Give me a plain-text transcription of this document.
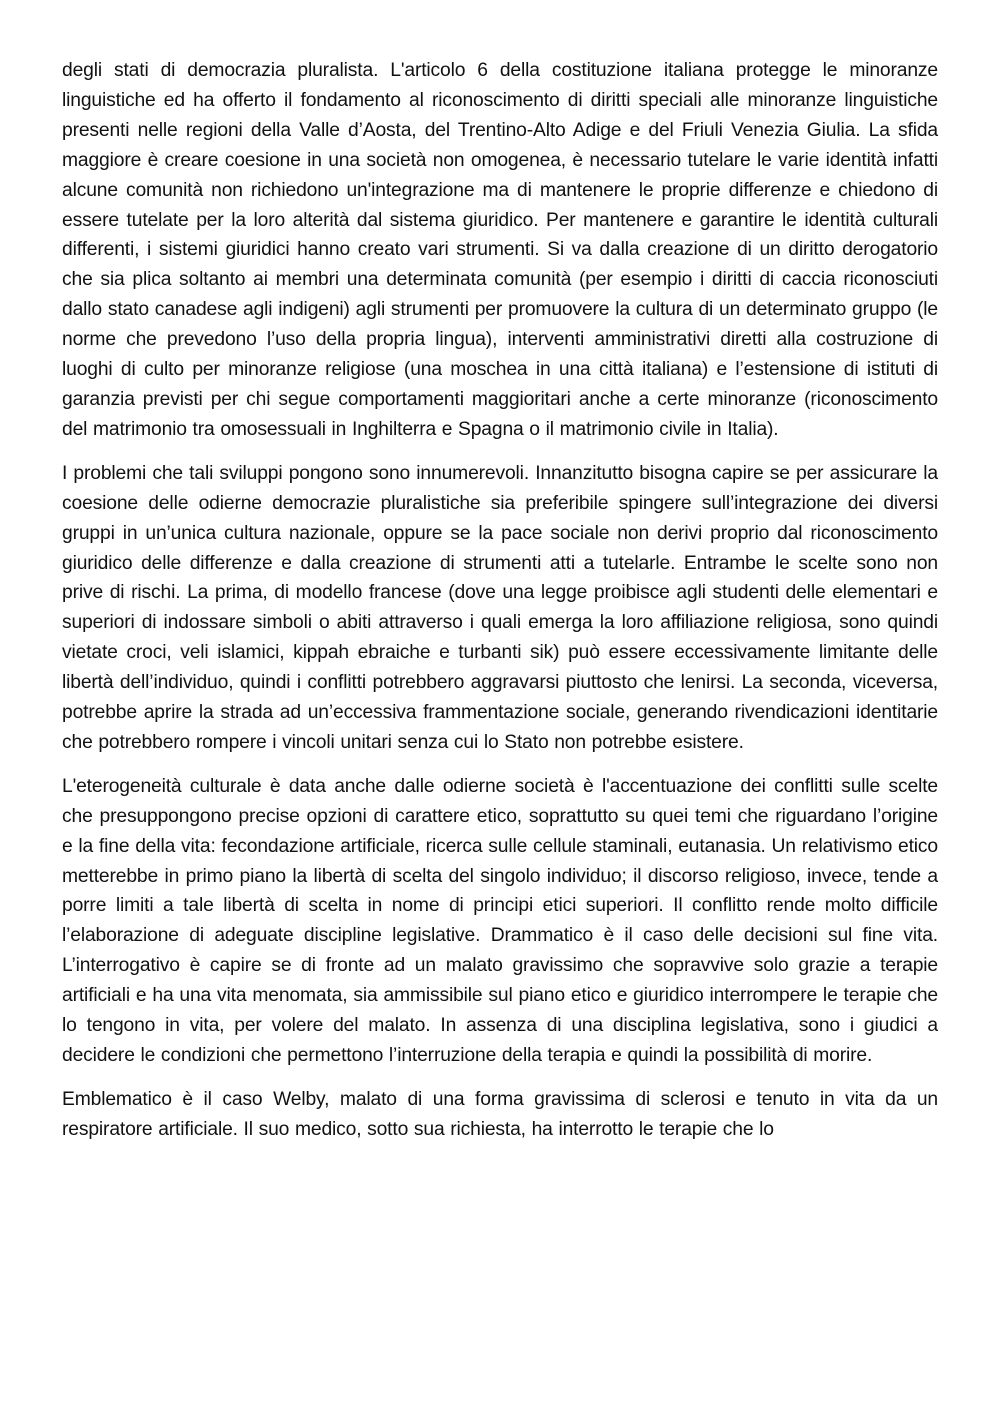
degli stati di democrazia pluralista. L'articolo 6 della costituzione italiana protegge le minoranze linguistiche ed ha offerto il fondamento al riconoscimento di diritti speciali alle minoranze linguistiche presenti nelle regioni della Valle d’Aosta, del Trentino-Alto Adige e del Friuli Venezia Giulia. La sfida maggiore è creare coesione in una società non omogenea, è necessario tutelare le varie identità infatti alcune comunità non richiedono un'integrazione ma di mantenere le proprie differenze e chiedono di essere tutelate per la loro alterità dal sistema giuridico. Per mantenere e garantire le identità culturali differenti, i sistemi giuridici hanno creato vari strumenti. Si va dalla creazione di un diritto derogatorio che sia plica soltanto ai membri una determinata comunità (per esempio i diritti di caccia riconosciuti dallo stato canadese agli indigeni) agli strumenti per promuovere la cultura di un determinato gruppo (le norme che prevedono l’uso della propria lingua), interventi amministrativi diretti alla costruzione di luoghi di culto per minoranze religiose (una moschea in una città italiana) e l’estensione di istituti di garanzia previsti per chi segue comportamenti maggioritari anche a certe minoranze (riconoscimento del matrimonio tra omosessuali in Inghilterra e Spagna o il matrimonio civile in Italia).

I problemi che tali sviluppi pongono sono innumerevoli. Innanzitutto bisogna capire se per assicurare la coesione delle odierne democrazie pluralistiche sia preferibile spingere sull’integrazione dei diversi gruppi in un’unica cultura nazionale, oppure se la pace sociale non derivi proprio dal riconoscimento giuridico delle differenze e dalla creazione di strumenti atti a tutelarle. Entrambe le scelte sono non prive di rischi. La prima, di modello francese (dove una legge proibisce agli studenti delle elementari e superiori di indossare simboli o abiti attraverso i quali emerga la loro affiliazione religiosa, sono quindi vietate croci, veli islamici, kippah ebraiche e turbanti sik) può essere eccessivamente limitante delle libertà dell’individuo, quindi i conflitti potrebbero aggravarsi piuttosto che lenirsi. La seconda, viceversa, potrebbe aprire la strada ad un’eccessiva frammentazione sociale, generando rivendicazioni identitarie che potrebbero rompere i vincoli unitari senza cui lo Stato non potrebbe esistere.

L'eterogeneità culturale è data anche dalle odierne società è l'accentuazione dei conflitti sulle scelte che presuppongono precise opzioni di carattere etico, soprattutto su quei temi che riguardano l’origine e la fine della vita: fecondazione artificiale, ricerca sulle cellule staminali, eutanasia. Un relativismo etico metterebbe in primo piano la libertà di scelta del singolo individuo; il discorso religioso, invece, tende a porre limiti a tale libertà di scelta in nome di principi etici superiori. Il conflitto rende molto difficile l’elaborazione di adeguate discipline legislative. Drammatico è il caso delle decisioni sul fine vita. L’interrogativo è capire se di fronte ad un malato gravissimo che sopravvive solo grazie a terapie artificiali e ha una vita menomata, sia ammissibile sul piano etico e giuridico interrompere le terapie che lo tengono in vita, per volere del malato. In assenza di una disciplina legislativa, sono i giudici a decidere le condizioni che permettono l’interruzione della terapia e quindi la possibilità di morire.

Emblematico è il caso Welby, malato di una forma gravissima di sclerosi e tenuto in vita da un respiratore artificiale. Il suo medico, sotto sua richiesta, ha interrotto le terapie che lo
